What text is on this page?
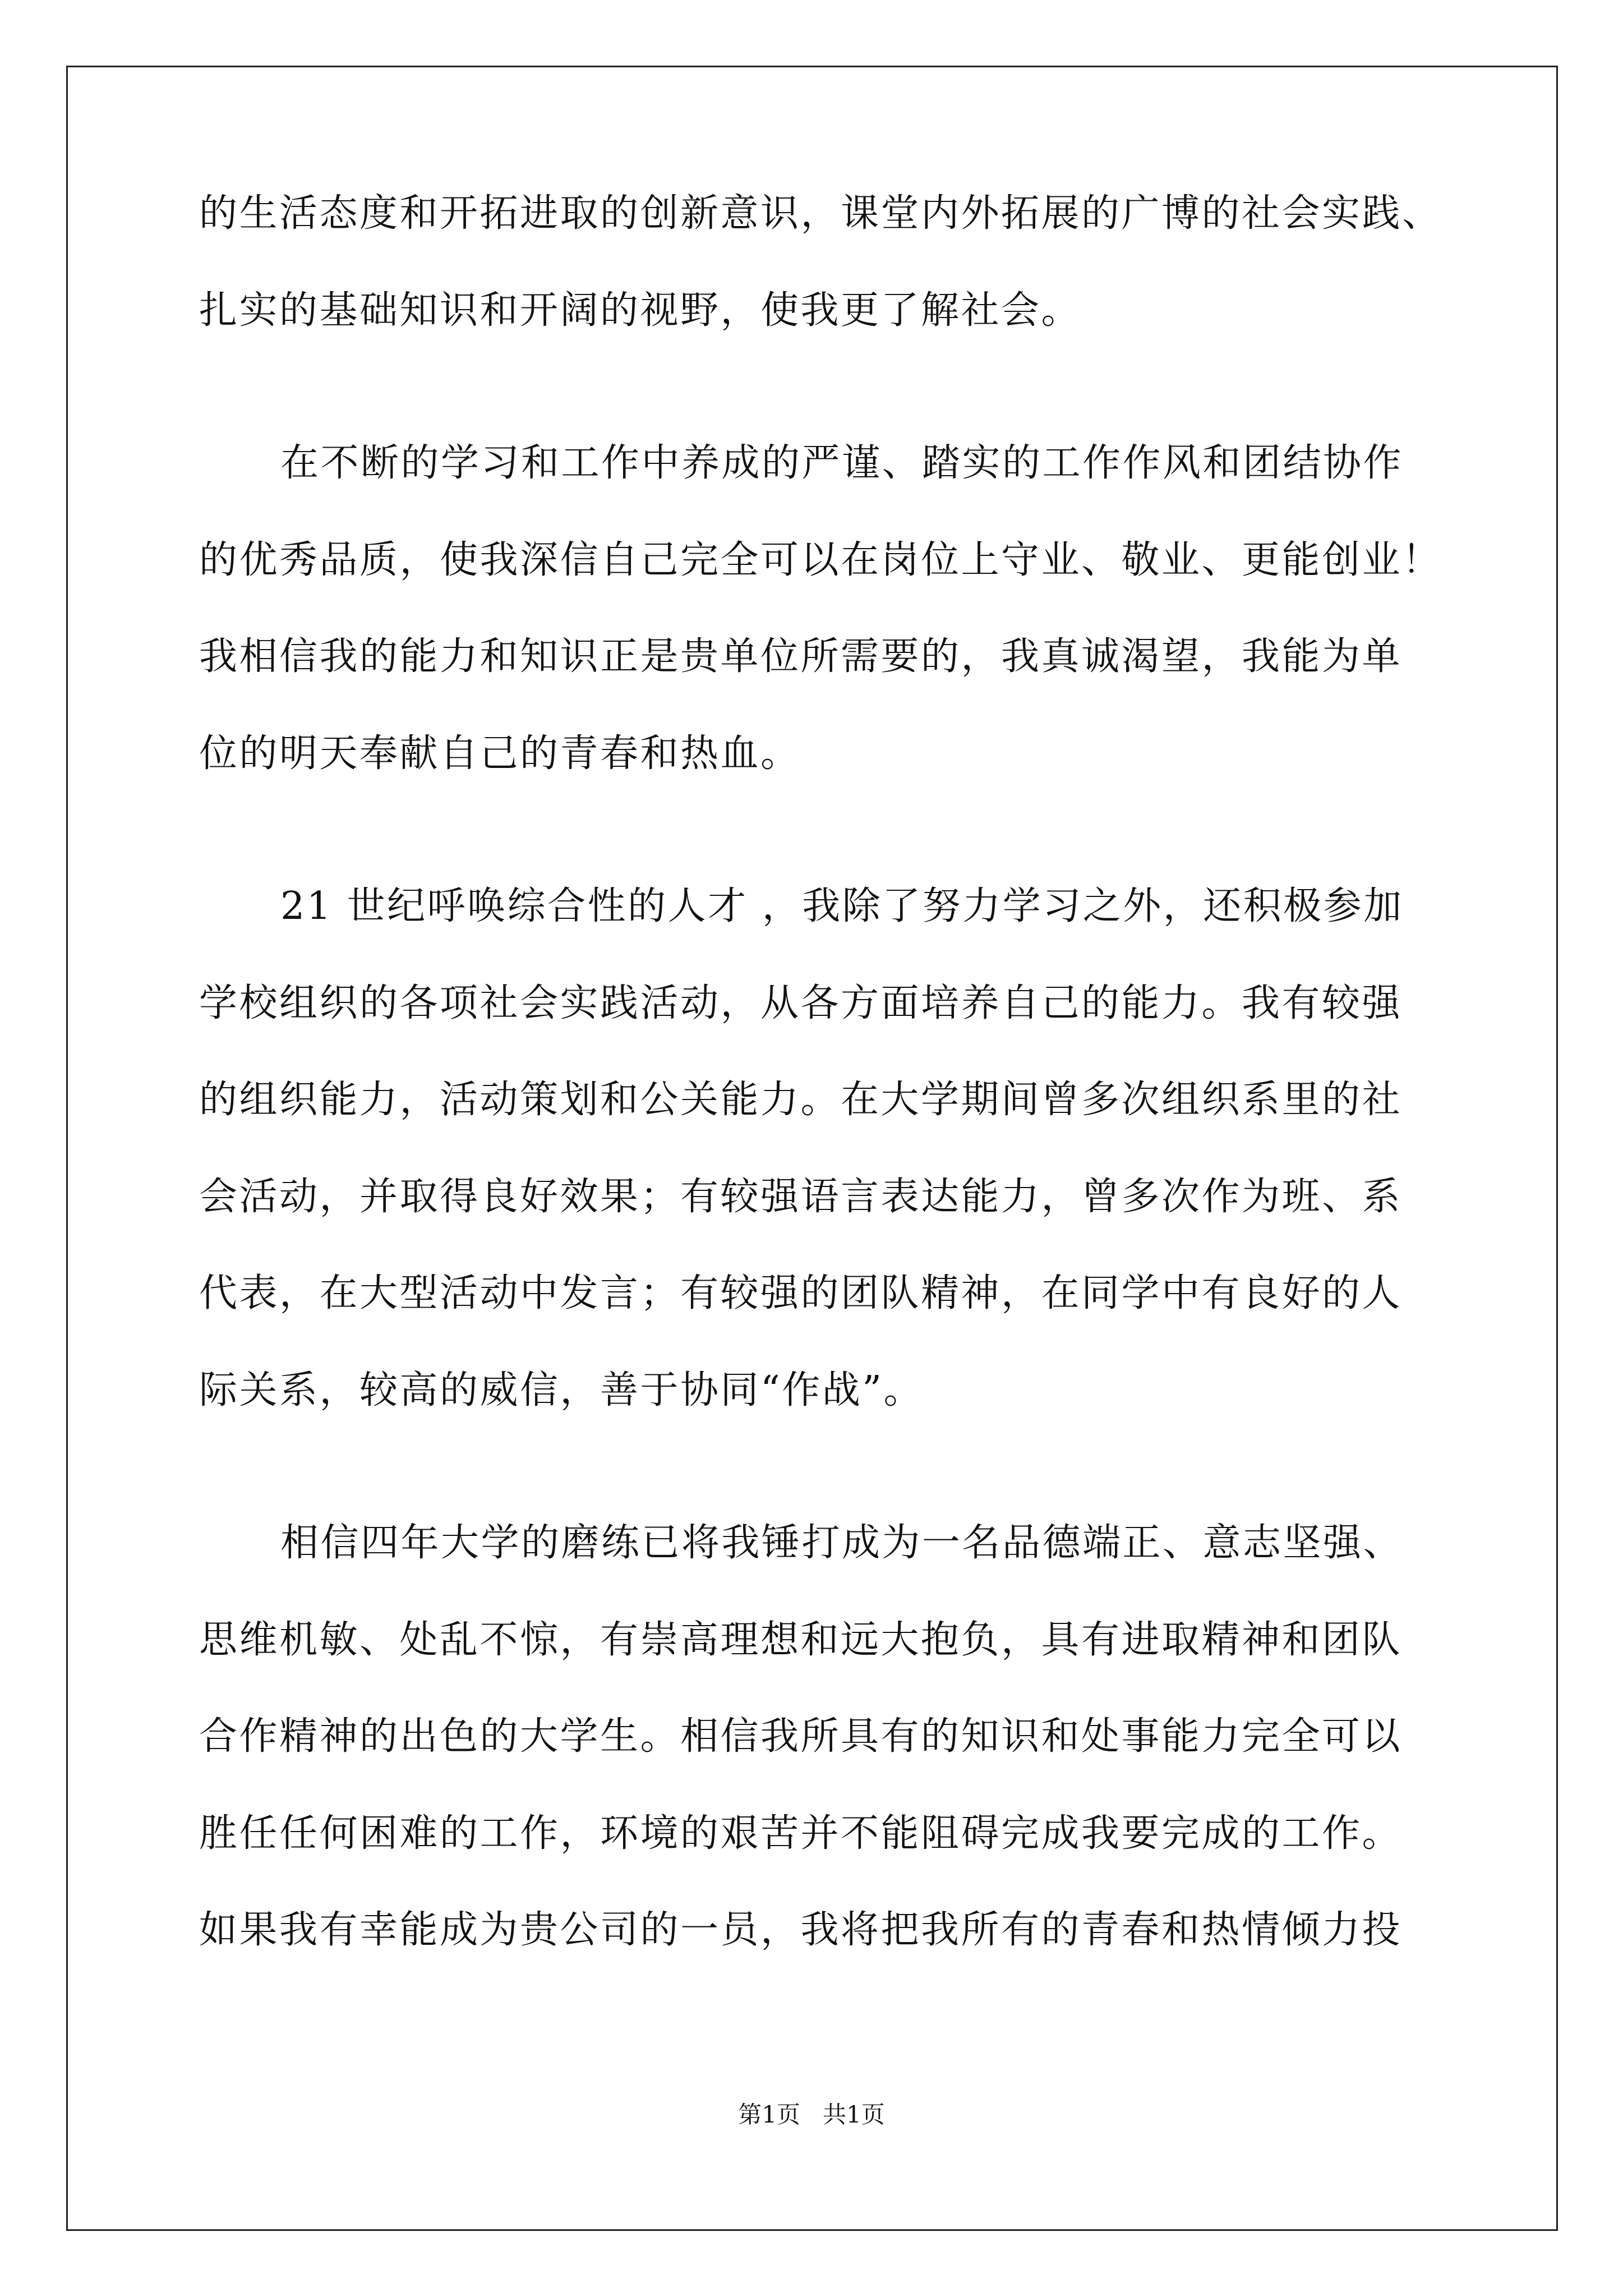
的生活态度和开拓进取的创新意识，课堂内外拓展的广博的社会实践、
扎实的基础知识和开阔的视野，使我更了解社会。
在不断的学习和工作中养成的严谨、踏实的工作作风和团结协作
的优秀品质，使我深信自己完全可以在岗位上守业、敬业、更能创业！
我相信我的能力和知识正是贵单位所需要的，我真诚渴望，我能为单
位的明天奉献自己的青春和热血。
21 世纪呼唤综合性的人才 ，我除了努力学习之外，还积极参加
学校组织的各项社会实践活动，从各方面培养自己的能力。我有较强
的组织能力，活动策划和公关能力。在大学期间曾多次组织系里的社
会活动，并取得良好效果；有较强语言表达能力，曾多次作为班、系
代表，在大型活动中发言；有较强的团队精神，在同学中有良好的人
际关系，较高的威信，善于协同“作战”。
相信四年大学的磨练已将我锤打成为一名品德端正、意志坚强、
思维机敏、处乱不惊，有崇高理想和远大抱负，具有进取精神和团队
合作精神的出色的大学生。相信我所具有的知识和处事能力完全可以
胜任任何困难的工作，环境的艰苦并不能阻碍完成我要完成的工作。
如果我有幸能成为贵公司的一员，我将把我所有的青春和热情倾力投
第1页   共1页
